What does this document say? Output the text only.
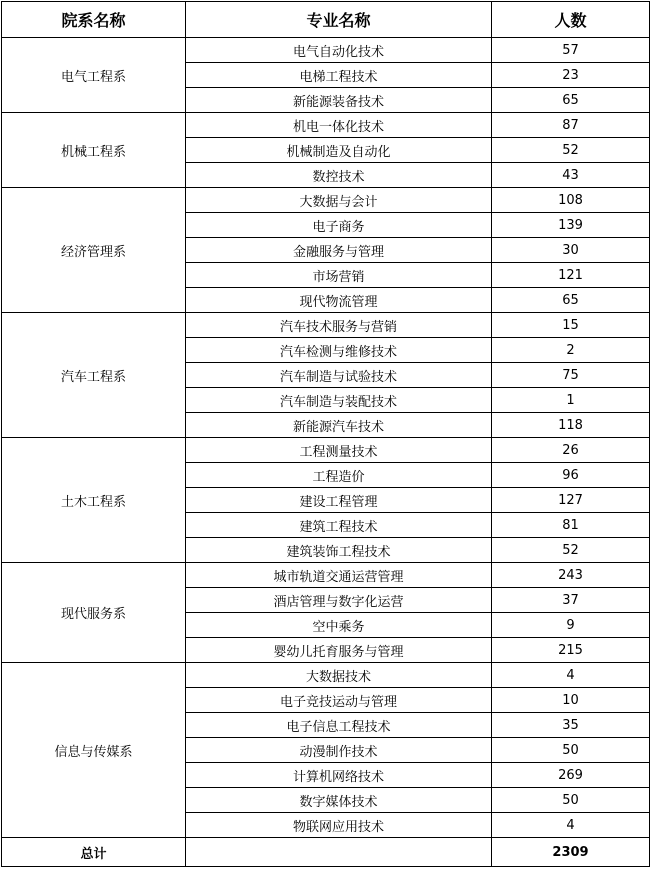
院系名称	专业名称	人数
电气工程系	电气自动化技术	57
	电梯工程技术	23
	新能源装备技术	65
机械工程系	机电一体化技术	87
	机械制造及自动化	52
	数控技术	43
经济管理系	大数据与会计	108
	电子商务	139
	金融服务与管理	30
	市场营销	121
	现代物流管理	65
汽车工程系	汽车技术服务与营销	15
	汽车检测与维修技术	2
	汽车制造与试验技术	75
	汽车制造与装配技术	1
	新能源汽车技术	118
土木工程系	工程测量技术	26
	工程造价	96
	建设工程管理	127
	建筑工程技术	81
	建筑装饰工程技术	52
现代服务系	城市轨道交通运营管理	243
	酒店管理与数字化运营	37
	空中乘务	9
	婴幼儿托育服务与管理	215
信息与传媒系	大数据技术	4
	电子竞技运动与管理	10
	电子信息工程技术	35
	动漫制作技术	50
	计算机网络技术	269
	数字媒体技术	50
	物联网应用技术	4
总计		2309
